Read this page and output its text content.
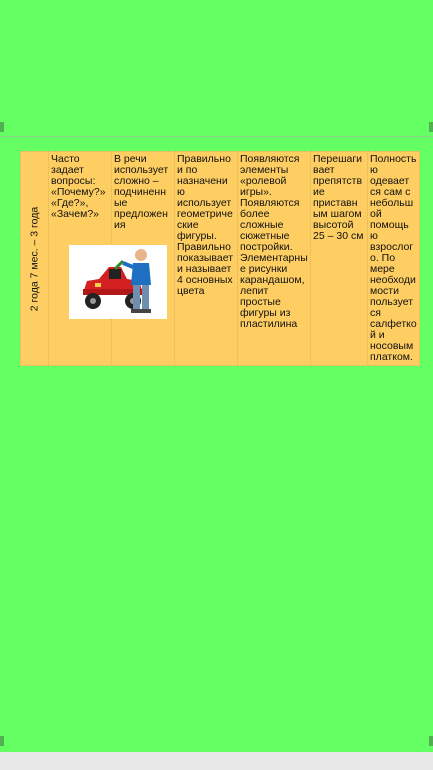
2 года 7 мес. – 3 года

Часто
задает
вопросы:
«Почему?»
«Где?»,
«Зачем?»

В речи
использует
сложно –
подчиненн
ые
предложен
ия

Правильно
и по
назначени
ю
использует
геометриче
ские
фигуры.
Правильно
показывает
и называет
4 основных
цвета

Появляются
элементы
«ролевой
игры».
Появляются
более
сложные
сюжетные
постройки.
Элементарны
е рисунки
карандашом,
лепит
простые
фигуры из
пластилина

Перешаги
вает
препятств
ие
приставн
ым шагом
высотой
25 – 30 см

Полность
ю
одевает
ся сам с
небольш
ой
помощь
ю
взрослог
о. По
мере
необходи
мости
пользует
ся
салфетко
й и
носовым
платком.
